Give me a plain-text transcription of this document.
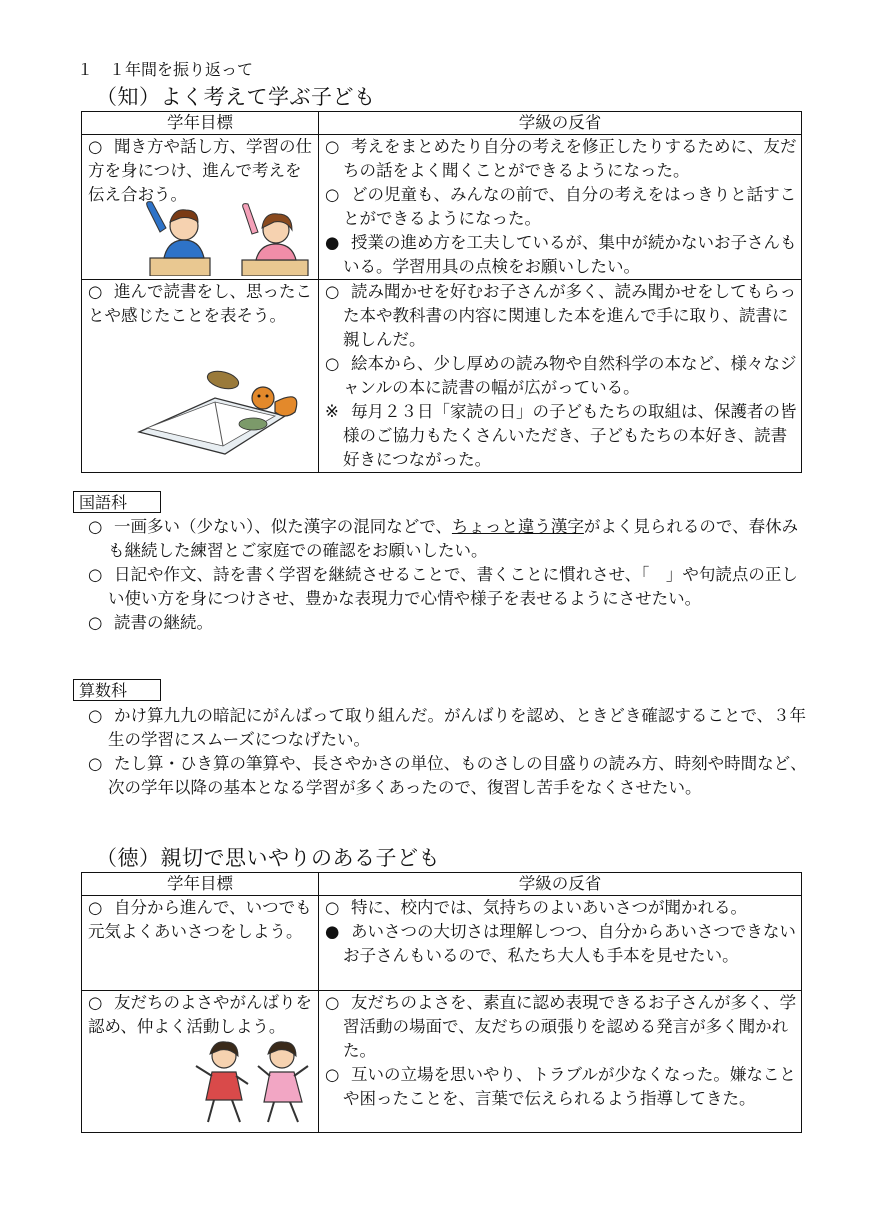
１　１年間を振り返って
（知）よく考えて学ぶ子ども
学年目標	学級の反省

○ 聞き方や話し方、学習の仕方を身につけ、進んで考えを伝え合おう。	○ 考えをまとめたり自分の考えを修正したりするために、友だちの話をよく聞くことができるようになった。

○ どの児童も、みんなの前で、自分の考えをはっきりと話すことができるようになった。

● 授業の進め方を工夫しているが、集中が続かないお子さんもいる。学習用具の点検をお願いしたい。

○ 進んで読書をし、思ったことや感じたことを表そう。	○ 読み聞かせを好むお子さんが多く、読み聞かせをしてもらった本や教科書の内容に関連した本を進んで手に取り、読書に親しんだ。

○ 絵本から、少し厚めの読み物や自然科学の本など、様々なジャンルの本に読書の幅が広がっている。

※ 毎月２３日「家読の日」の子どもたちの取組は、保護者の皆様のご協力もたくさんいただき、子どもたちの本好き、読書好きにつながった。

国語科

○ 一画多い（少ない）、似た漢字の混同などで、ちょっと違う漢字がよく見られるので、春休みも継続した練習とご家庭での確認をお願いしたい。

○ 日記や作文、詩を書く学習を継続させることで、書くことに慣れさせ、「　」や句読点の正しい使い方を身につけさせ、豊かな表現力で心情や様子を表せるようにさせたい。

○ 読書の継続。

算数科

○ かけ算九九の暗記にがんばって取り組んだ。がんばりを認め、ときどき確認することで、３年生の学習にスムーズにつなげたい。

○ たし算・ひき算の筆算や、長さやかさの単位、ものさしの目盛りの読み方、時刻や時間など、次の学年以降の基本となる学習が多くあったので、復習し苦手をなくさせたい。

（徳）親切で思いやりのある子ども
学年目標	学級の反省

○ 自分から進んで、いつでも元気よくあいさつをしよう。	○ 特に、校内では、気持ちのよいあいさつが聞かれる。

● あいさつの大切さは理解しつつ、自分からあいさつできないお子さんもいるので、私たち大人も手本を見せたい。

○ 友だちのよさやがんばりを認め、仲よく活動しよう。	○ 友だちのよさを、素直に認め表現できるお子さんが多く、学習活動の場面で、友だちの頑張りを認める発言が多く聞かれた。

○ 互いの立場を思いやり、トラブルが少なくなった。嫌なことや困ったことを、言葉で伝えられるよう指導してきた。
